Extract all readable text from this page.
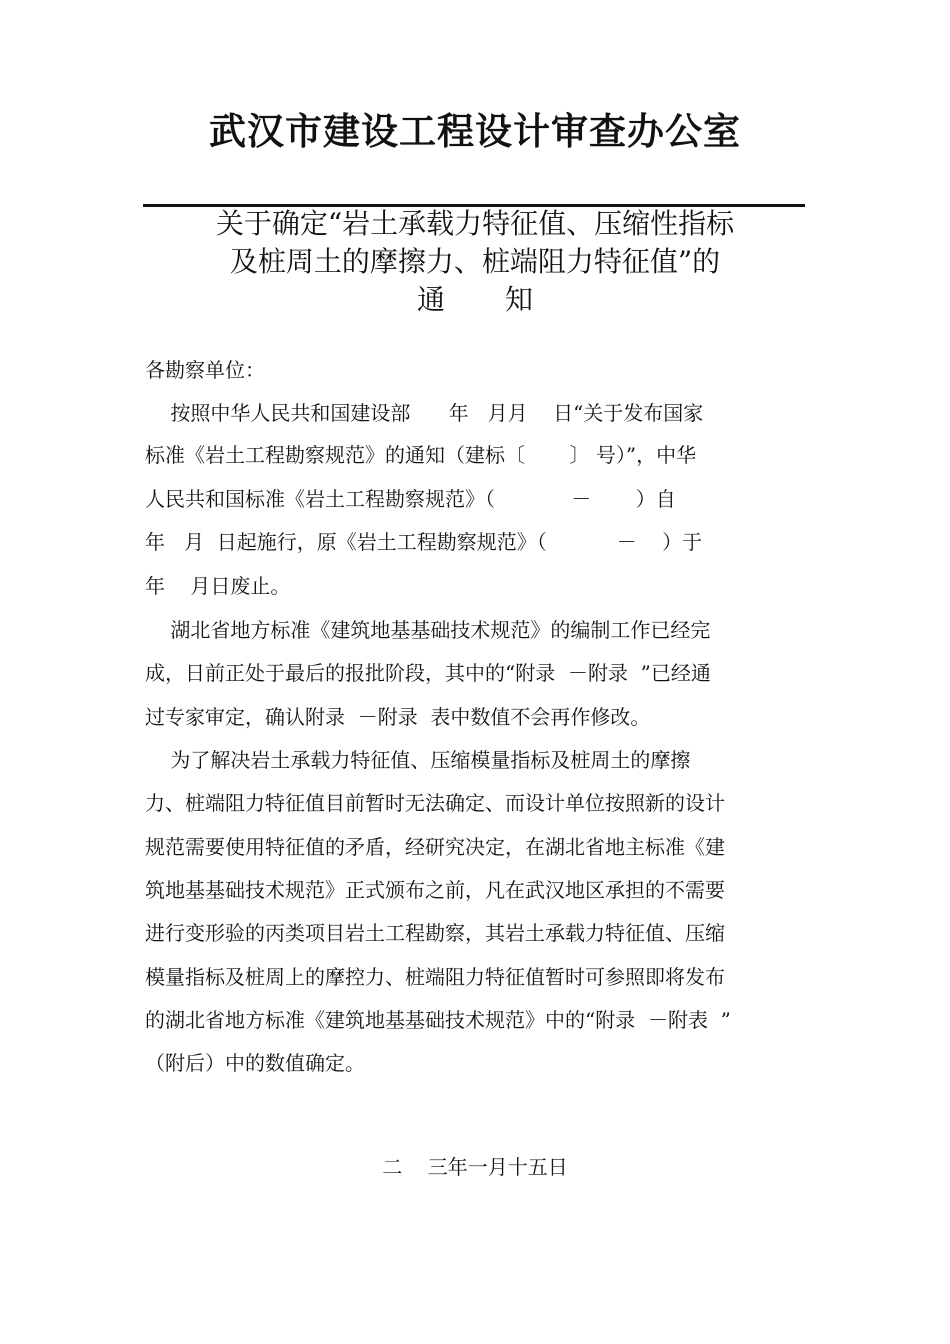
武汉市建设工程设计审查办公室
关于确定“岩土承载力特征值、压缩性指标
及桩周土的摩擦力、桩端阻力特征值”的
通知
各勘察单位：
按照中华人民共和国建设部      年   月月    日“关于发布国家
标准《岩土工程勘察规范》的通知（建标〔       〕 号）”，中华
人民共和国标准《岩土工程勘察规范》（            －       ）自
年   月  日起施行，原《岩土工程勘察规范》（           －    ）于
年    月日废止。
湖北省地方标准《建筑地基基础技术规范》的编制工作已经完
成，日前正处于最后的报批阶段，其中的“附录  －附录  ”已经通
过专家审定，确认附录  －附录  表中数值不会再作修改。
为了解决岩土承载力特征值、压缩模量指标及桩周土的摩擦
力、桩端阻力特征值目前暂时无法确定、而设计单位按照新的设计
规范需要使用特征值的矛盾，经研究决定，在湖北省地主标准《建
筑地基基础技术规范》正式颁布之前，凡在武汉地区承担的不需要
进行变形验的丙类项目岩土工程勘察，其岩土承载力特征值、压缩
模量指标及桩周上的摩控力、桩端阻力特征值暂时可参照即将发布
的湖北省地方标准《建筑地基基础技术规范》中的“附录  －附表  ”
（附后）中的数值确定。
二    三年一月十五日
